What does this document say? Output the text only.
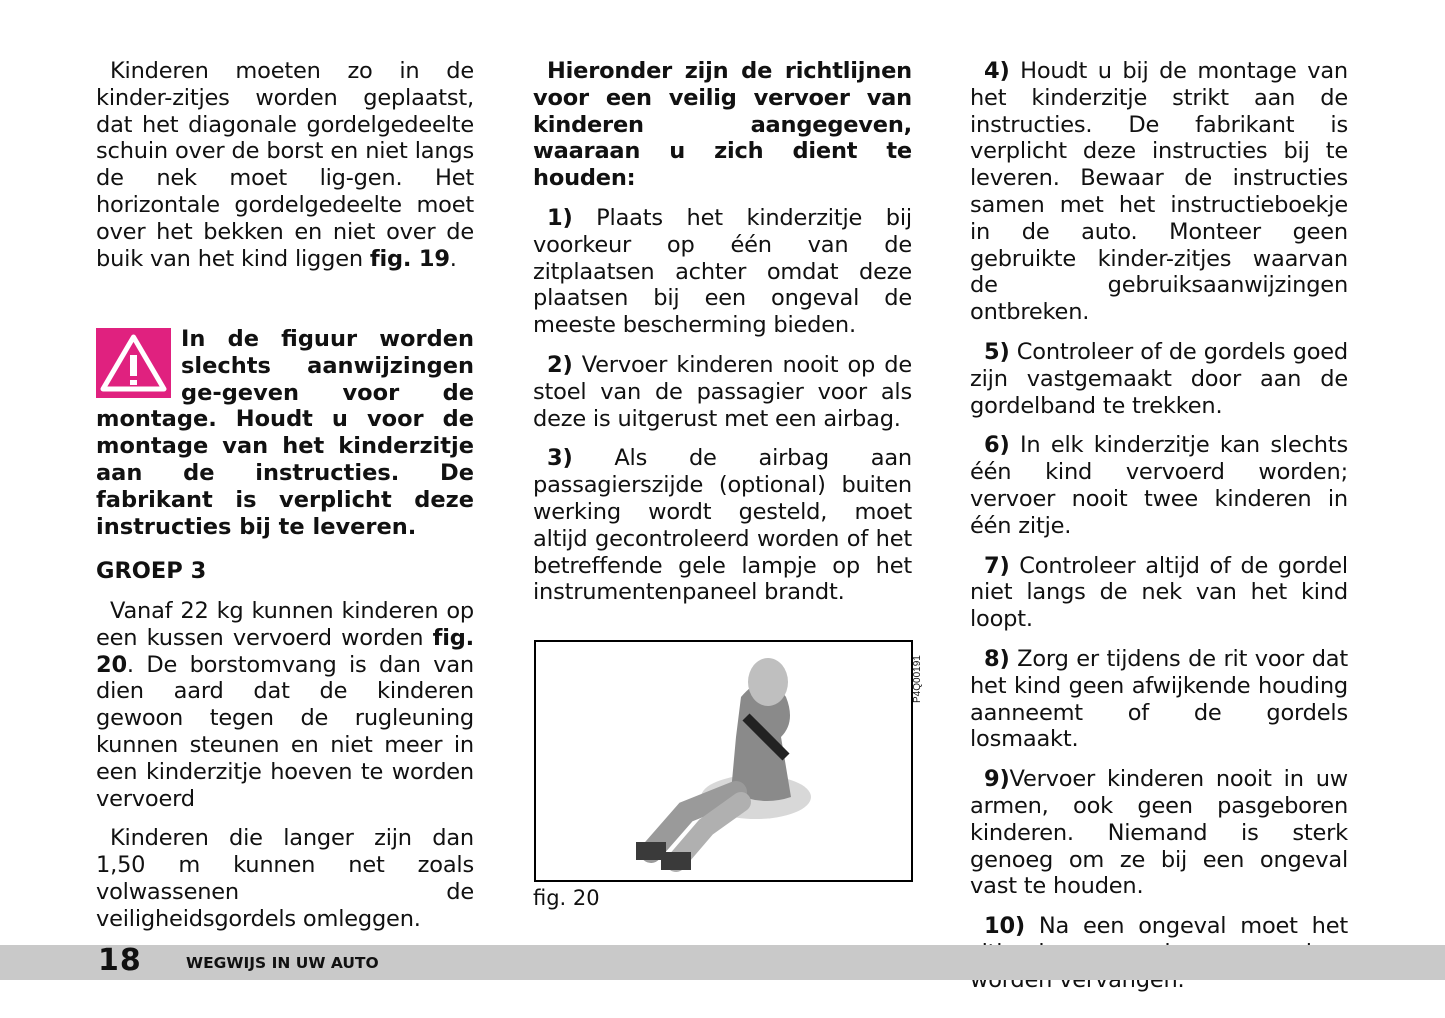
Kinderen moeten zo in de kinder-zitjes worden geplaatst, dat het diagonale gordelgedeelte schuin over de borst en niet langs de nek moet lig-gen. Het horizontale gordelgedeelte moet over het bekken en niet over de buik van het kind liggen fig. 19.

In de figuur worden slechts aanwijzingen ge-geven voor de montage. Houdt u voor de montage van het kinderzitje aan de instructies. De fabrikant is verplicht deze instructies bij te leveren.
GROEP 3

Vanaf 22 kg kunnen kinderen op een kussen vervoerd worden fig. 20. De borstomvang is dan van dien aard dat de kinderen gewoon tegen de rugleuning kunnen steunen en niet meer in een kinderzitje hoeven te worden vervoerd

Kinderen die langer zijn dan 1,50 m kunnen net zoals volwassenen de veiligheidsgordels omleggen.

Hieronder zijn de richtlijnen voor een veilig vervoer van kinderen aangegeven, waaraan u zich dient te houden:

1) Plaats het kinderzitje bij voorkeur op één van de zitplaatsen achter omdat deze plaatsen bij een ongeval de meeste bescherming bieden.

2) Vervoer kinderen nooit op de stoel van de passagier voor als deze is uitgerust met een airbag.

3) Als de airbag aan passagierszijde (optional) buiten werking wordt gesteld, moet altijd gecontroleerd worden of het betreffende gele lampje op het instrumentenpaneel brandt.

P4Q00191
fig. 20

4) Houdt u bij de montage van het kinderzitje strikt aan de instructies. De fabrikant is verplicht deze instructies bij te leveren. Bewaar de instructies samen met het instructieboekje in de auto. Monteer geen gebruikte kinder-zitjes waarvan de gebruiksaanwijzingen ontbreken.

5) Controleer of de gordels goed zijn vastgemaakt door aan de gordelband te trekken.

6) In elk kinderzitje kan slechts één kind vervoerd worden; vervoer nooit twee kinderen in één zitje.

7) Controleer altijd of de gordel niet langs de nek van het kind loopt.

8) Zorg er tijdens de rit voor dat het kind geen afwijkende houding aanneemt of de gordels losmaakt.

9)Vervoer kinderen nooit in uw armen, ook geen pasgeboren kinderen. Niemand is sterk genoeg om ze bij een ongeval vast te houden.

10) Na een ongeval moet het

18	WEGWIJS IN UW AUTO
